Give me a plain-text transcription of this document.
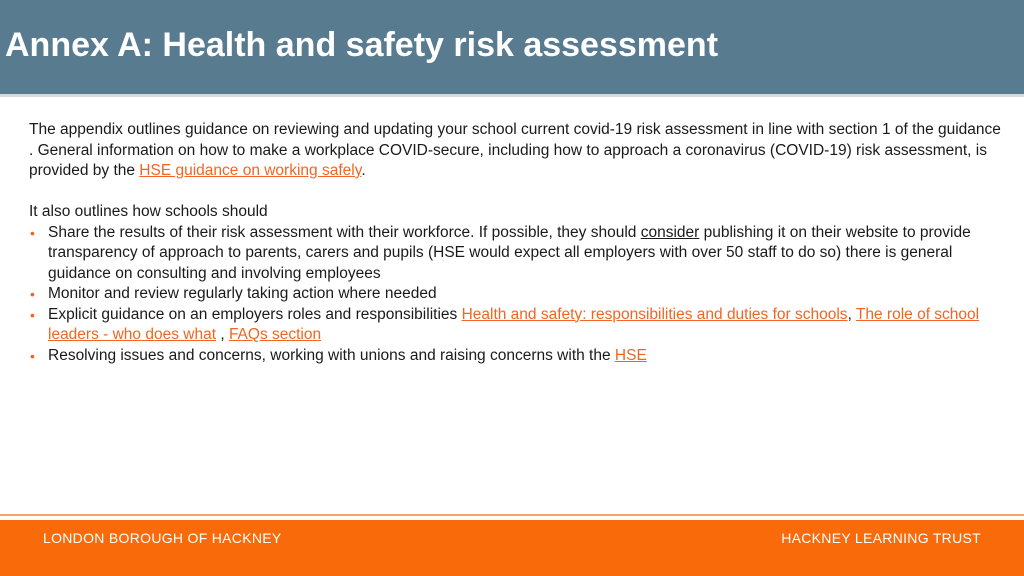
Annex A: Health and safety risk assessment

The appendix outlines guidance on reviewing and updating your school current covid-19 risk assessment in line with section 1 of the guidance . General information on how to make a workplace COVID-secure, including how to approach a coronavirus (COVID-19) risk assessment, is provided by the HSE guidance on working safely.

It also outlines how schools should

• Share the results of their risk assessment with their workforce. If possible, they should consider publishing it on their website to provide transparency of approach to parents, carers and pupils (HSE would expect all employers with over 50 staff to do so) there is general guidance on consulting and involving employees
• Monitor and review regularly taking action where needed
• Explicit guidance on an employers roles and responsibilities Health and safety: responsibilities and duties for schools, The role of school leaders - who does what , FAQs section
• Resolving issues and concerns, working with unions and raising concerns with the HSE
LONDON BOROUGH OF HACKNEY	HACKNEY LEARNING TRUST
